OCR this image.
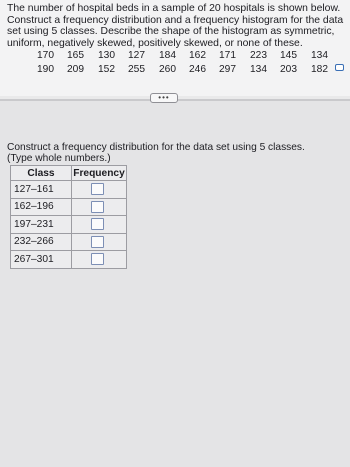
The number of hospital beds in a sample of 20 hospitals is shown below. Construct a frequency distribution and a frequency histogram for the data set using 5 classes. Describe the shape of the histogram as symmetric, uniform, negatively skewed, positively skewed, or none of these.

170 165 130 127 184 162 171 223 145 134
190 209 152 255 260 246 297 134 203 182
•••

Construct a frequency distribution for the data set using 5 classes.

(Type whole numbers.)

Class	Frequency
127–161	

162–196	

197–231	

232–266	

267–301	
